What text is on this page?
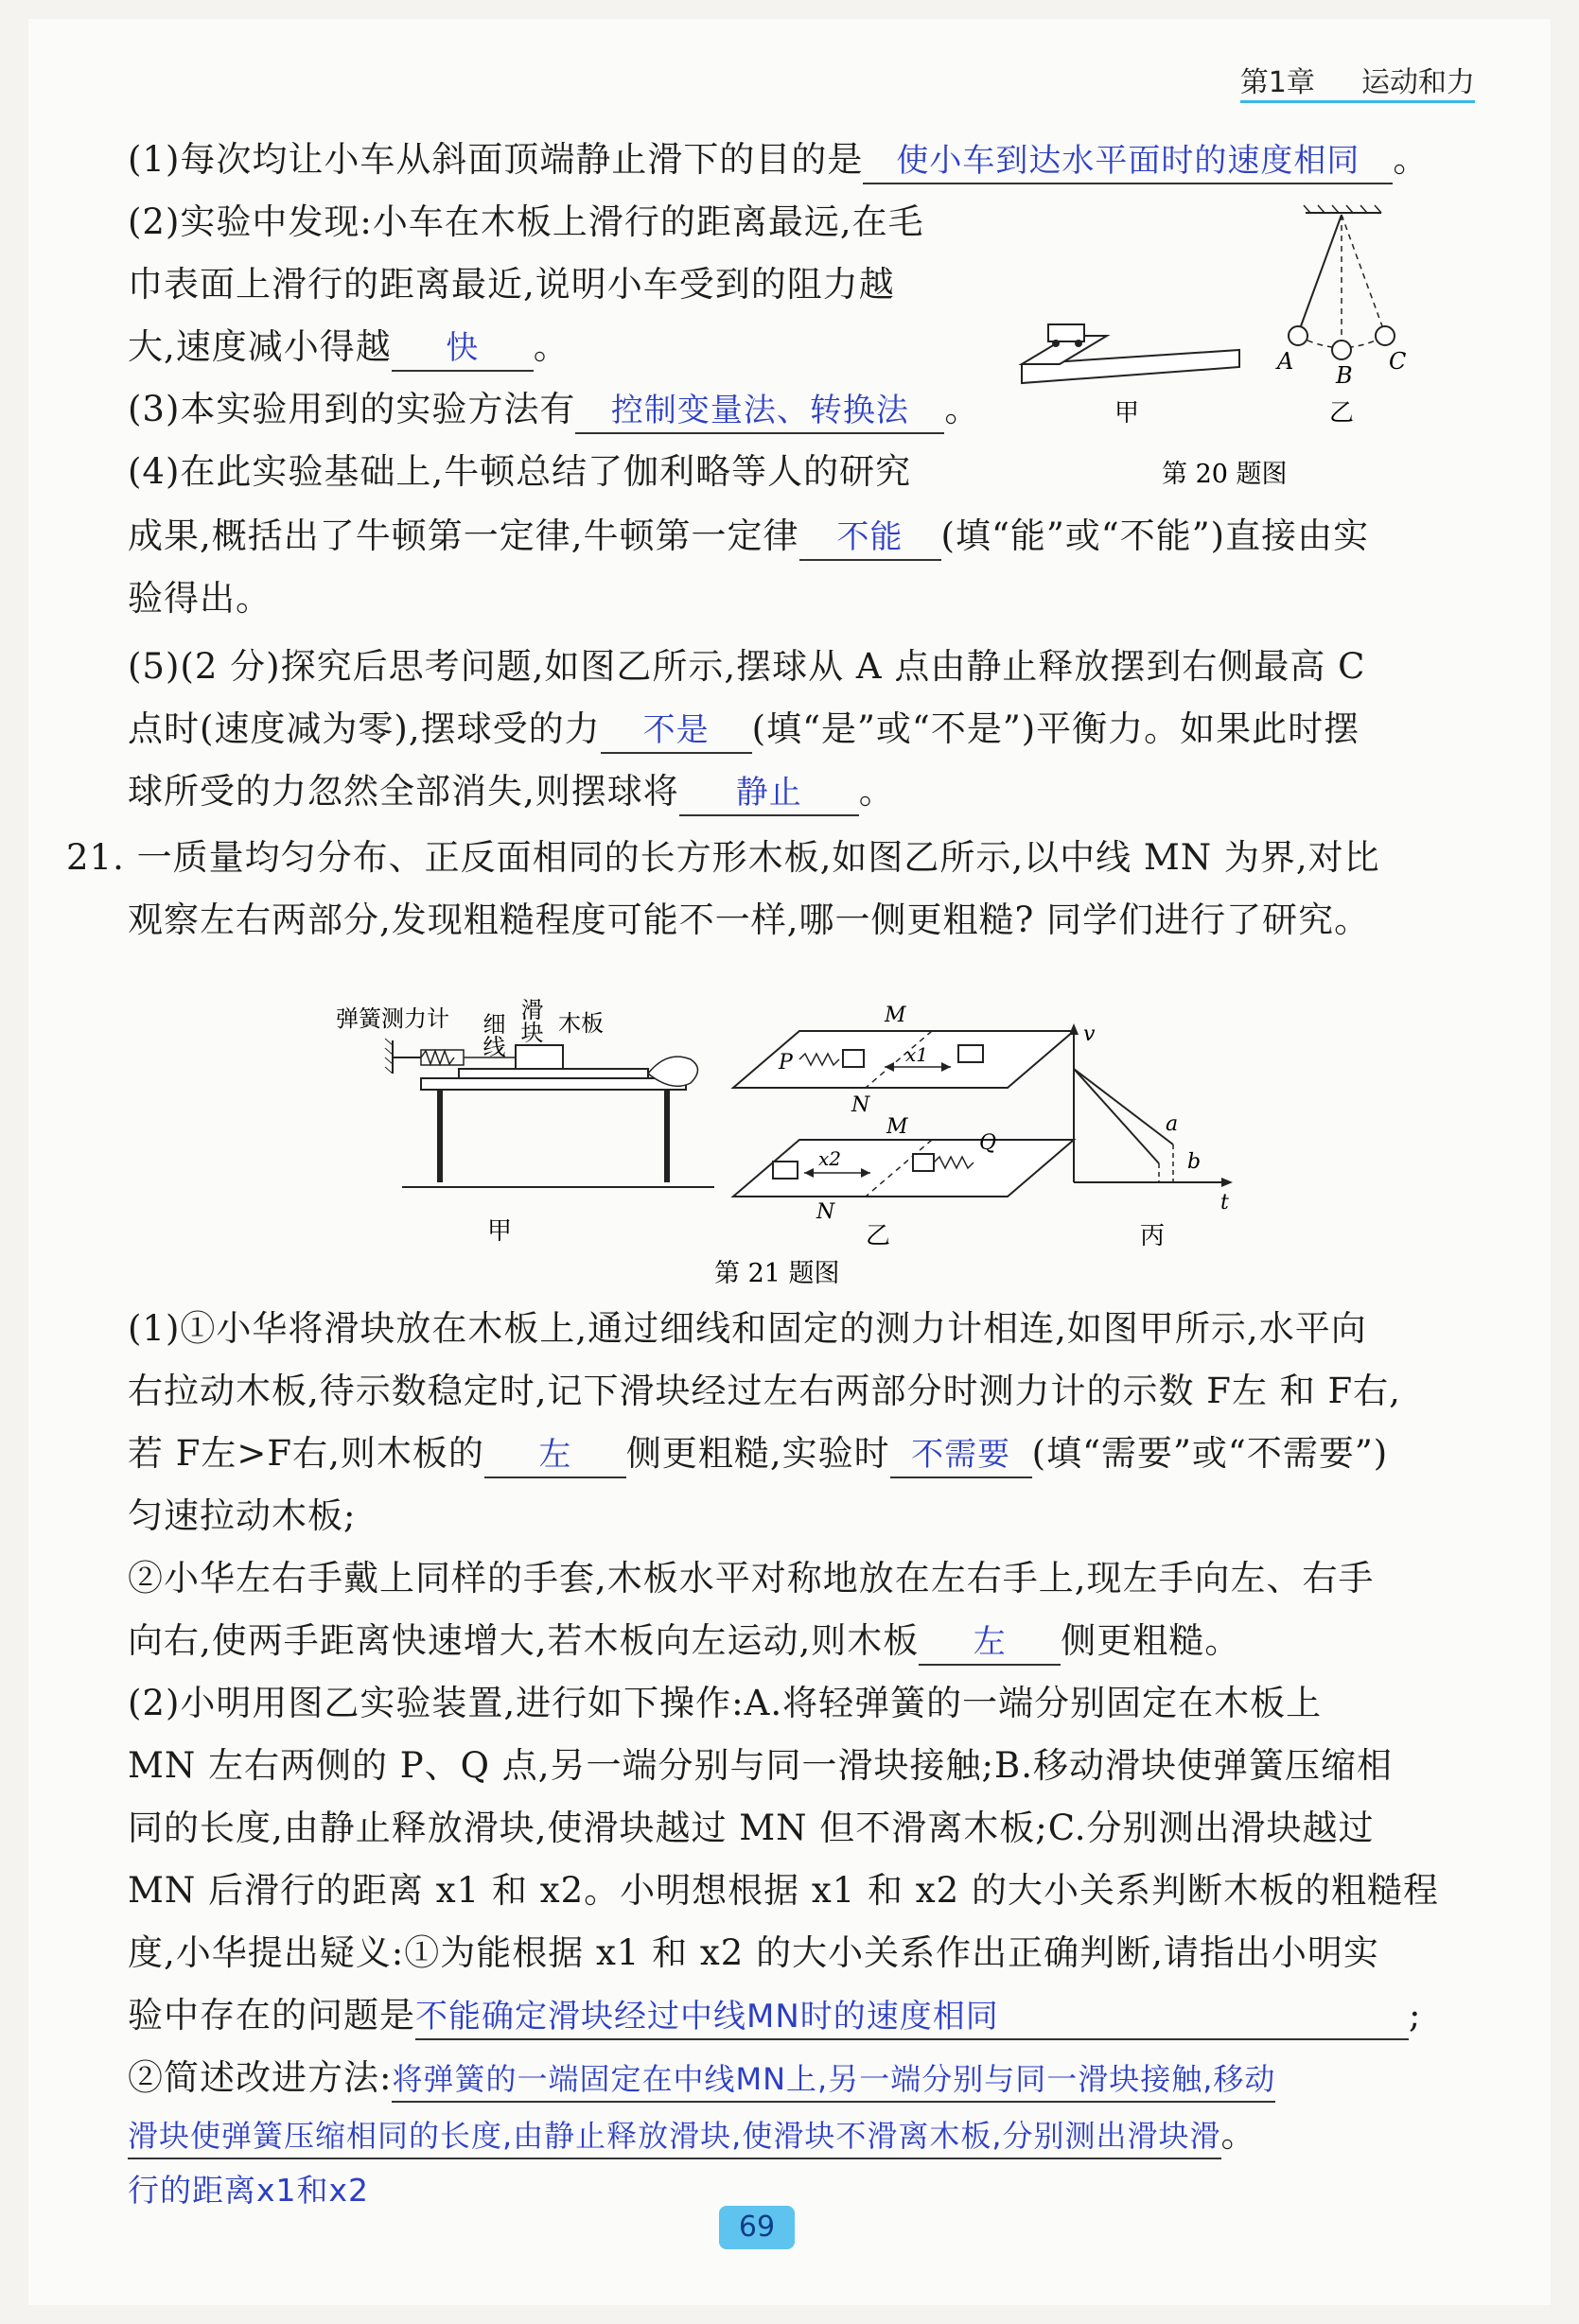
第1章 运动和力
(1)每次均让小车从斜面顶端静止滑下的目的是 使小车到达水平面时的速度相同 。
(2)实验中发现:小车在木板上滑行的距离最远,在毛
巾表面上滑行的距离最近,说明小车受到的阻力越
大,速度减小得越 快 。
(3)本实验用到的实验方法有 控制变量法、转换法 。
(4)在此实验基础上,牛顿总结了伽利略等人的研究
成果,概括出了牛顿第一定律,牛顿第一定律 不能 (填“能”或“不能”)直接由实
验得出。
(5)(2 分)探究后思考问题,如图乙所示,摆球从 A 点由静止释放摆到右侧最高 C
点时(速度减为零),摆球受的力 不是 (填“是”或“不是”)平衡力。如果此时摆
球所受的力忽然全部消失,则摆球将 静止 。
甲
A
B
C
乙
第 20 题图
21. 一质量均匀分布、正反面相同的长方形木板,如图乙所示,以中线 MN 为界,对比
观察左右两部分,发现粗糙程度可能不一样,哪一侧更粗糙? 同学们进行了研究。
弹簧测力计 细线 滑块 木板
甲
M
N
P	x1
M
x2
Q
N
乙
v
t
a
b
丙
第 21 题图
(1)①小华将滑块放在木板上,通过细线和固定的测力计相连,如图甲所示,水平向
右拉动木板,待示数稳定时,记下滑块经过左右两部分时测力计的示数 F左 和 F右,
若 F左>F右,则木板的 左 侧更粗糙,实验时 不需要 (填“需要”或“不需要”)
匀速拉动木板;
②小华左右手戴上同样的手套,木板水平对称地放在左右手上,现左手向左、右手
向右,使两手距离快速增大,若木板向左运动,则木板 左 侧更粗糙。
(2)小明用图乙实验装置,进行如下操作:A.将轻弹簧的一端分别固定在木板上
MN 左右两侧的 P、Q 点,另一端分别与同一滑块接触;B.移动滑块使弹簧压缩相
同的长度,由静止释放滑块,使滑块越过 MN 但不滑离木板;C.分别测出滑块越过
MN 后滑行的距离 x1 和 x2。小明想根据 x1 和 x2 的大小关系判断木板的粗糙程
度,小华提出疑义:①为能根据 x1 和 x2 的大小关系作出正确判断,请指出小明实
验中存在的问题是不能确定滑块经过中线MN时的速度相同	;
②简述改进方法:将弹簧的一端固定在中线MN上,另一端分别与同一滑块接触,移动
滑块使弹簧压缩相同的长度,由静止释放滑块,使滑块不滑离木板,分别测出滑块滑。
行的距离x1和x2
69
